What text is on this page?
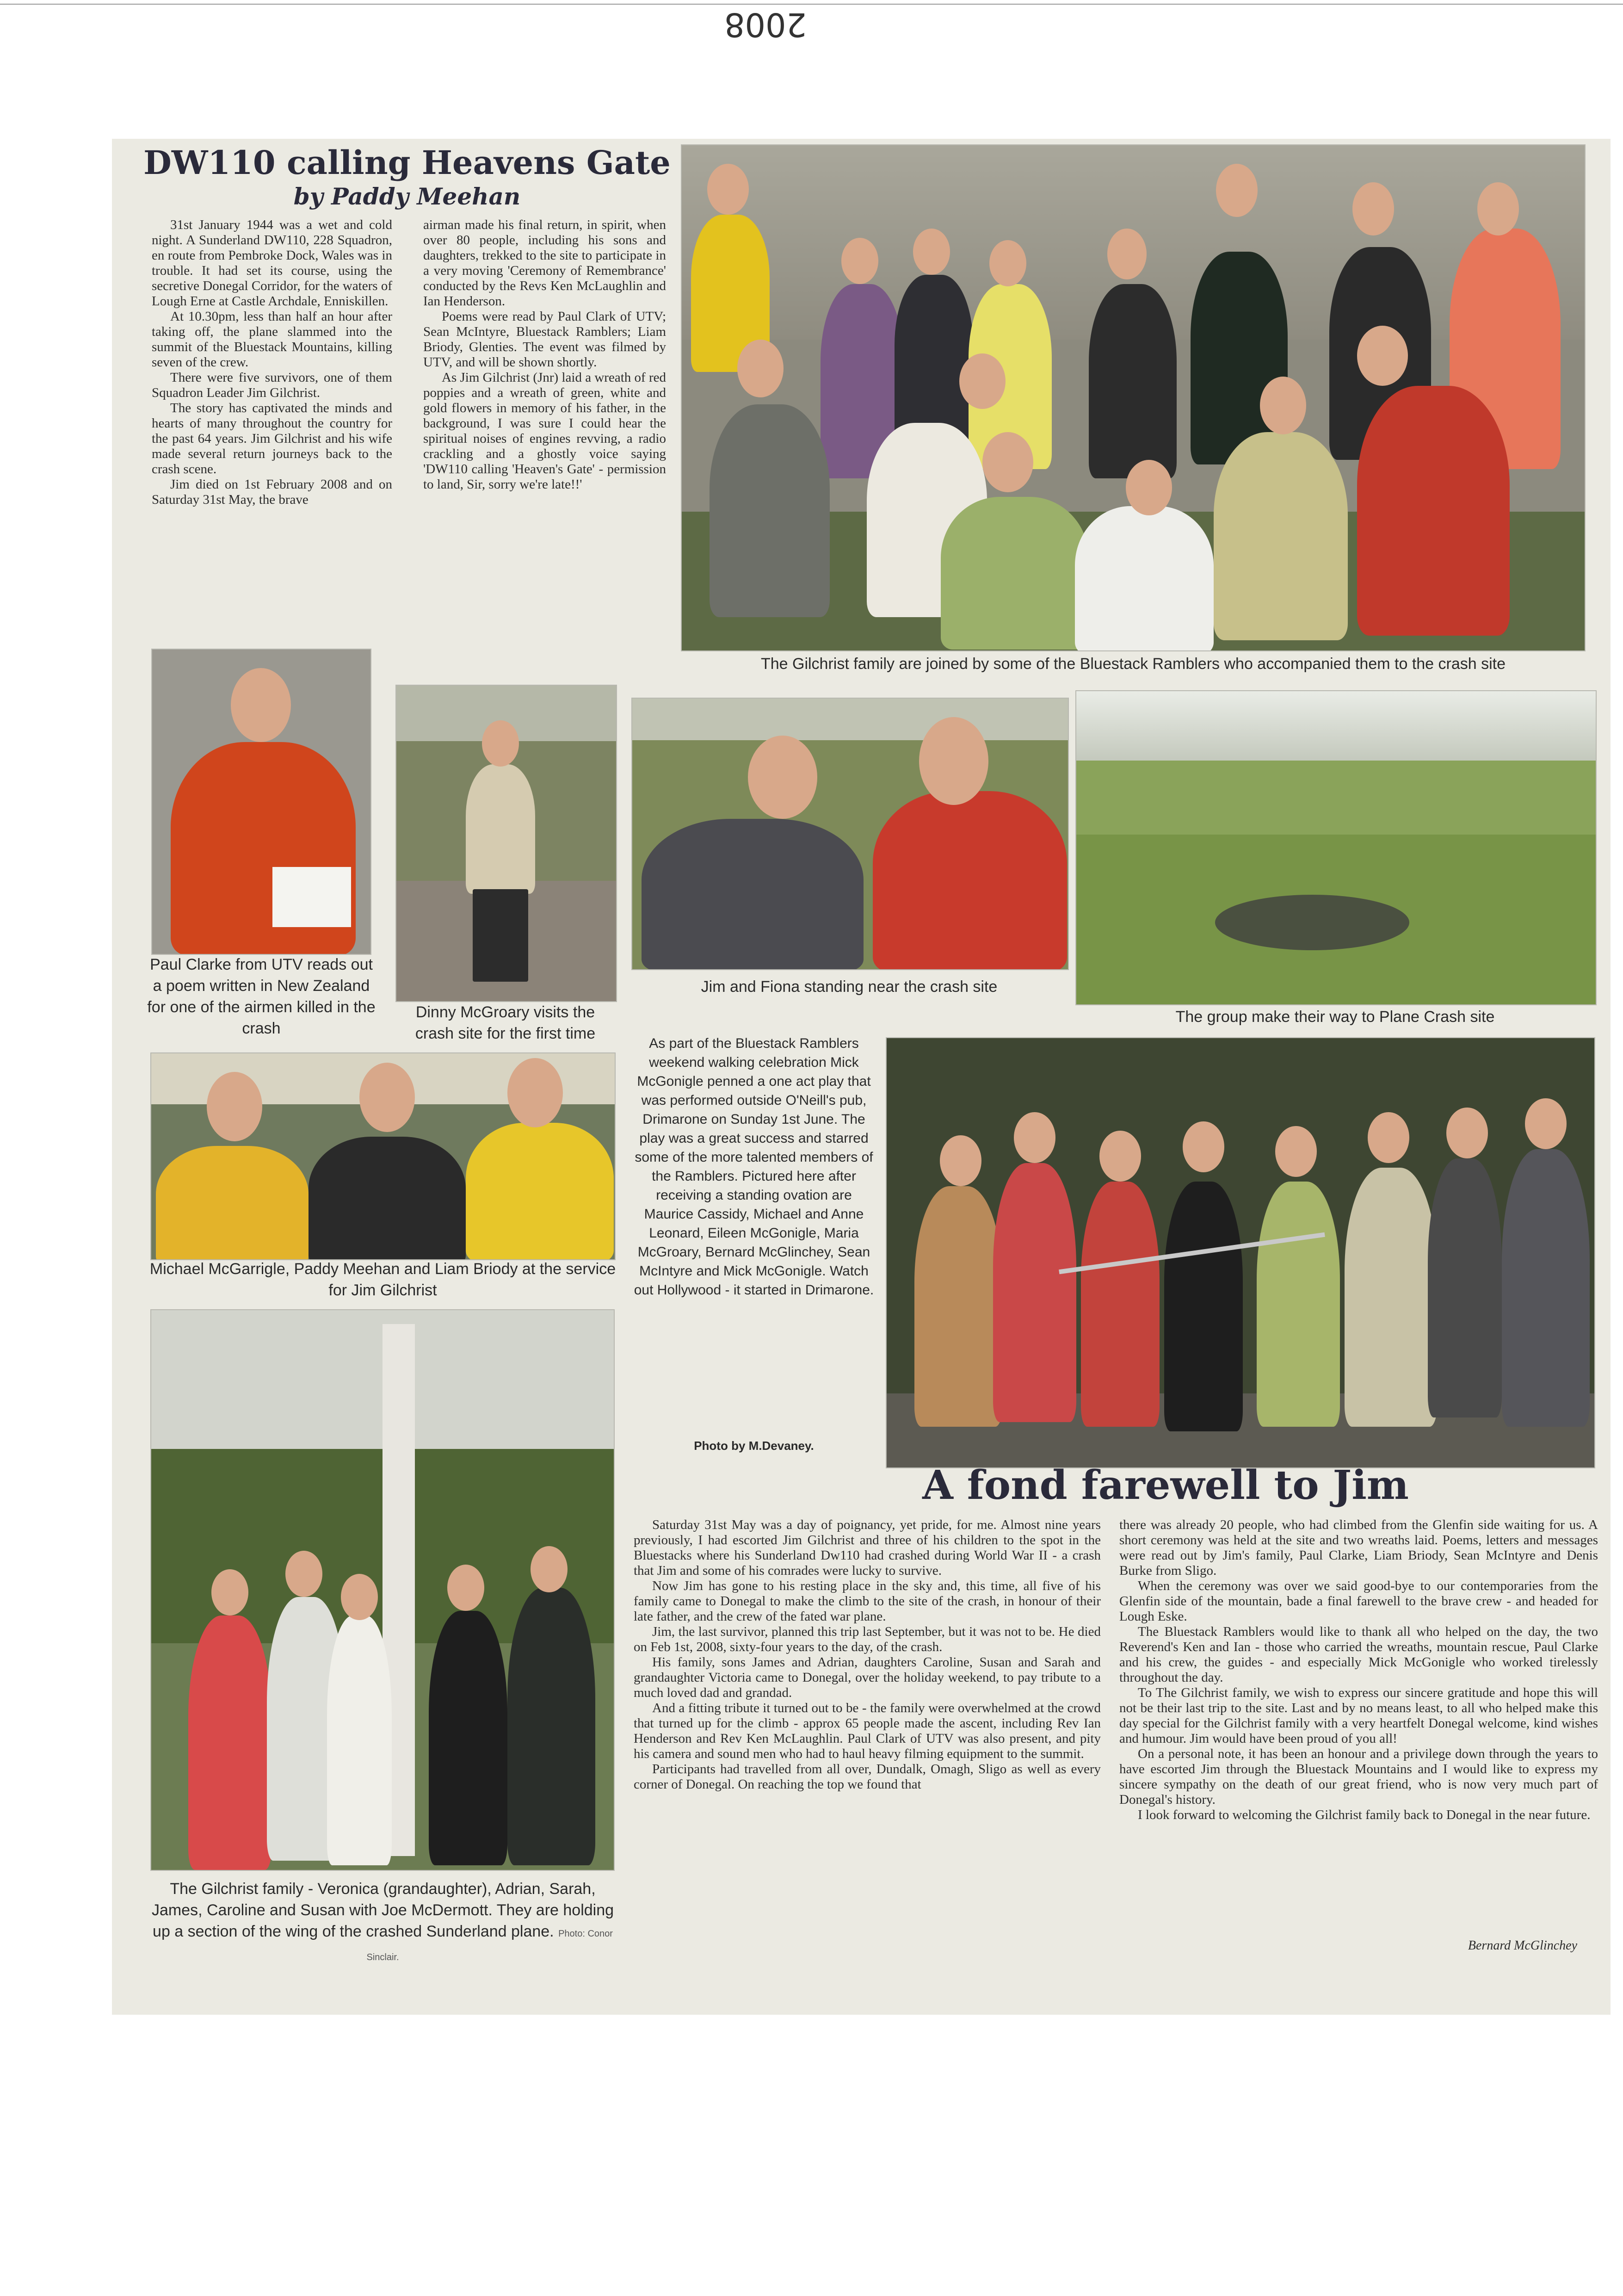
2008
DW110 calling Heavens Gate
by Paddy Meehan

31st January 1944 was a wet and cold night. A Sunderland DW110, 228 Squadron, en route from Pembroke Dock, Wales was in trouble. It had set its course, using the secretive Donegal Corridor, for the waters of Lough Erne at Castle Archdale, Enniskillen.

At 10.30pm, less than half an hour after taking off, the plane slammed into the summit of the Bluestack Mountains, killing seven of the crew.

There were five survivors, one of them Squadron Leader Jim Gilchrist.

The story has captivated the minds and hearts of many throughout the country for the past 64 years. Jim Gilchrist and his wife made several return journeys back to the crash scene.

Jim died on 1st February 2008 and on Saturday 31st May, the brave

airman made his final return, in spirit, when over 80 people, including his sons and daughters, trekked to the site to participate in a very moving 'Ceremony of Remembrance' conducted by the Revs Ken McLaughlin and Ian Henderson.

Poems were read by Paul Clark of UTV; Sean McIntyre, Bluestack Ramblers; Liam Briody, Glenties. The event was filmed by UTV, and will be shown shortly.

As Jim Gilchrist (Jnr) laid a wreath of red poppies and a wreath of green, white and gold flowers in memory of his father, in the background, I was sure I could hear the spiritual noises of engines revving, a radio crackling and a ghostly voice saying 'DW110 calling 'Heaven's Gate' - permission to land, Sir, sorry we're late!!'

The Gilchrist family are joined by some of the Bluestack Ramblers who accompanied them to the crash site
Paul Clarke from UTV reads out a poem written in New Zealand for one of the airmen killed in the crash
Dinny McGroary visits the crash site for the first time
Jim and Fiona standing near the crash site
The group make their way to Plane Crash site
Michael McGarrigle, Paddy Meehan and Liam Briody at the service for Jim Gilchrist
The Gilchrist family - Veronica (grandaughter), Adrian, Sarah, James, Caroline and Susan with Joe McDermott. They are holding up a section of the wing of the crashed Sunderland plane. Photo: Conor Sinclair.
As part of the Bluestack Ramblers weekend walking celebration Mick McGonigle penned a one act play that was performed outside O'Neill's pub, Drimarone on Sunday 1st June. The play was a great success and starred some of the more talented members of the Ramblers. Pictured here after receiving a standing ovation are Maurice Cassidy, Michael and Anne Leonard, Eileen McGonigle, Maria McGroary, Bernard McGlinchey, Sean McIntyre and Mick McGonigle. Watch out Hollywood - it started in Drimarone.
Photo by M.Devaney.
A fond farewell to Jim

Saturday 31st May was a day of poignancy, yet pride, for me. Almost nine years previously, I had escorted Jim Gilchrist and three of his children to the spot in the Bluestacks where his Sunderland Dw110 had crashed during World War II - a crash that Jim and some of his comrades were lucky to survive.

Now Jim has gone to his resting place in the sky and, this time, all five of his family came to Donegal to make the climb to the site of the crash, in honour of their late father, and the crew of the fated war plane.

Jim, the last survivor, planned this trip last September, but it was not to be. He died on Feb 1st, 2008, sixty-four years to the day, of the crash.

His family, sons James and Adrian, daughters Caroline, Susan and Sarah and grandaughter Victoria came to Donegal, over the holiday weekend, to pay tribute to a much loved dad and grandad.

And a fitting tribute it turned out to be - the family were overwhelmed at the crowd that turned up for the climb - approx 65 people made the ascent, including Rev Ian Henderson and Rev Ken McLaughlin. Paul Clark of UTV was also present, and pity his camera and sound men who had to haul heavy filming equipment to the summit.

Participants had travelled from all over, Dundalk, Omagh, Sligo as well as every corner of Donegal. On reaching the top we found that

there was already 20 people, who had climbed from the Glenfin side waiting for us. A short ceremony was held at the site and two wreaths laid. Poems, letters and messages were read out by Jim's family, Paul Clarke, Liam Briody, Sean McIntyre and Denis Burke from Sligo.

When the ceremony was over we said good-bye to our contemporaries from the Glenfin side of the mountain, bade a final farewell to the brave crew - and headed for Lough Eske.

The Bluestack Ramblers would like to thank all who helped on the day, the two Reverend's Ken and Ian - those who carried the wreaths, mountain rescue, Paul Clarke and his crew, the guides - and especially Mick McGonigle who worked tirelessly throughout the day.

To The Gilchrist family, we wish to express our sincere gratitude and hope this will not be their last trip to the site. Last and by no means least, to all who helped make this day special for the Gilchrist family with a very heartfelt Donegal welcome, kind wishes and humour. Jim would have been proud of you all!

On a personal note, it has been an honour and a privilege down through the years to have escorted Jim through the Bluestack Mountains and I would like to express my sincere sympathy on the death of our great friend, who is now very much part of Donegal's history.

I look forward to welcoming the Gilchrist family back to Donegal in the near future.

Bernard McGlinchey
